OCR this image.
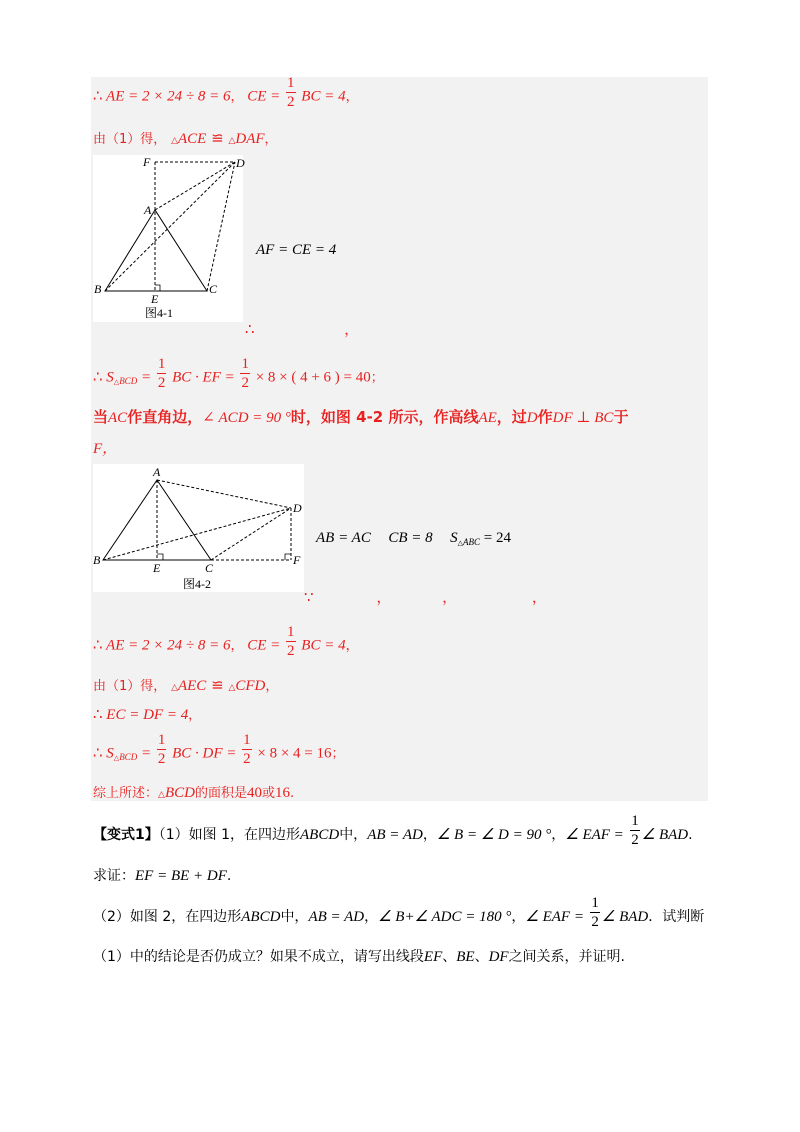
∴ AE = 2 × 24 ÷ 8 = 6， CE = $\frac{1}{2}$ BC = 4，
由（1）得， △ACE ≌ △DAF，
F	D
A
B
E
C
图4-1
AF = CE = 4
∴	，
∴ $S_{\triangle BCD} = \frac{1}{2}$ BC · EF = $\frac{1}{2} \times 8$ × ( 4 + 6 ) = 40；
当AC作直角边，∠ ACD = 90 °时，如图 4-2 所示，作高线AE，过D作DF ⊥ BC于
F，
A
D
B
E	C
F
图4-2
AB = AC CB = 8 $S_{\triangle ABC} = 24$
∵	，	，	，
∴ AE = 2 × 24 ÷ 8 = 6， CE = $\frac{1}{2}$ BC = 4，
由（1）得， △AEC ≌ △CFD，
∴ EC = DF = 4，
∴ $S_{\triangle BCD} = \frac{1}{2}$ BC · DF = $\frac{1}{2} \times 8 \times 4 = 16$；
综上所述：△BCD的面积是40或16.
【变式1】（1）如图 1，在四边形ABCD中，AB = AD，∠ B = ∠ D = 90 °，∠ EAF = $\frac{1}{2}$ ∠ BAD.
求证：EF = BE + DF.
（2）如图 2，在四边形ABCD中，AB = AD，∠ B+∠ ADC = 180 °，∠ EAF = $\frac{1}{2}$ ∠ BAD．试判断
（1）中的结论是否仍成立？如果不成立，请写出线段EF、BE、DF之间关系，并证明.
